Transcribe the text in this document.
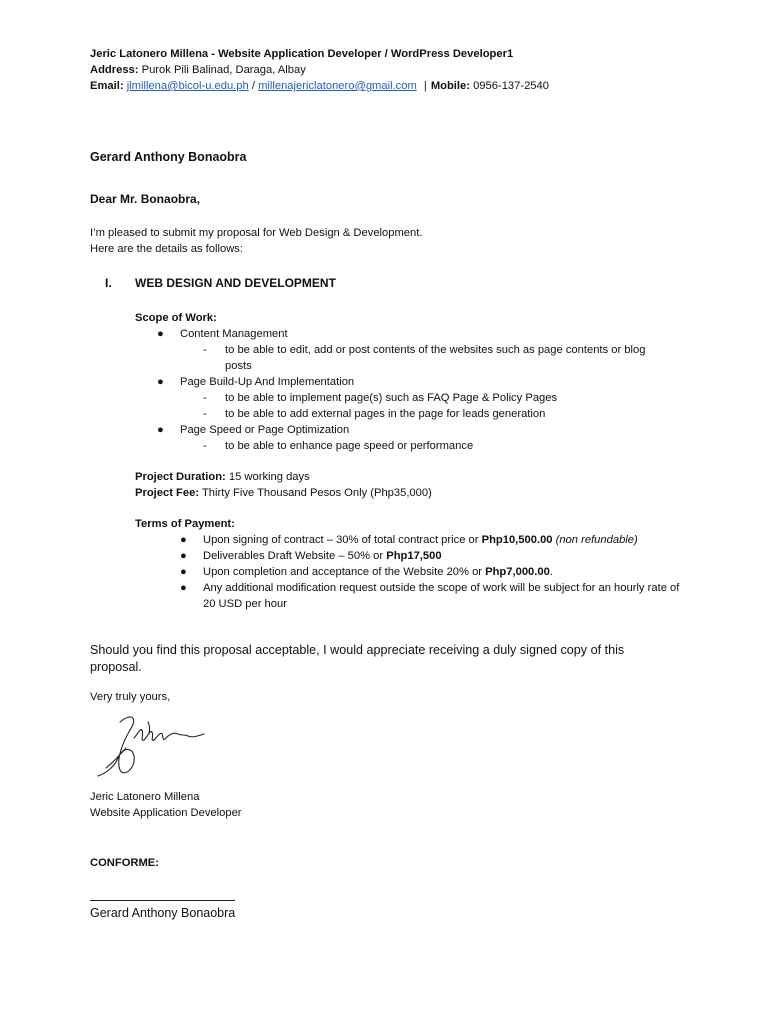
Jeric Latonero Millena - Website Application Developer / WordPress Developer1
Address: Purok Pili Balinad, Daraga, Albay
Email: jlmillena@bicol-u.edu.ph / millenajericlatonero@gmail.com | Mobile: 0956-137-2540
Gerard Anthony Bonaobra
Dear Mr. Bonaobra,
I’m pleased to submit my proposal for Web Design & Development.
Here are the details as follows:
I. WEB DESIGN AND DEVELOPMENT
Scope of Work:
● Content Management
- to be able to edit, add or post contents of the websites such as page contents or blog posts
● Page Build-Up And Implementation
- to be able to implement page(s) such as FAQ Page & Policy Pages
- to be able to add external pages in the page for leads generation
● Page Speed or Page Optimization
- to be able to enhance page speed or performance
Project Duration: 15 working days
Project Fee: Thirty Five Thousand Pesos Only (Php35,000)
Terms of Payment:
● Upon signing of contract – 30% of total contract price or Php10,500.00 (non refundable)
● Deliverables Draft Website – 50% or Php17,500
● Upon completion and acceptance of the Website 20% or Php7,000.00.
● Any additional modification request outside the scope of work will be subject for an hourly rate of 20 USD per hour
Should you find this proposal acceptable, I would appreciate receiving a duly signed copy of this proposal.
Very truly yours,
Jeric Latonero Millena
Website Application Developer
CONFORME:
Gerard Anthony Bonaobra
